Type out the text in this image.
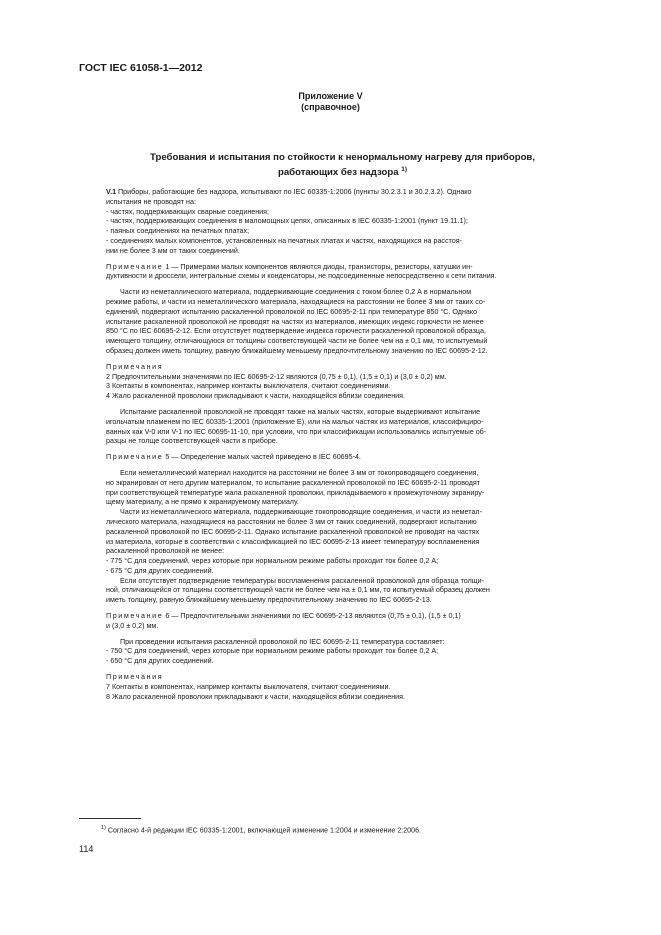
ГОСТ IEC 61058-1—2012
Приложение V
(справочное)
Требования и испытания по стойкости к ненормальному нагреву для приборов,
работающих без надзора $^{1)}$
V.1 Приборы, работающие без надзора, испытывают по IEC 60335-1:2006 (пункты 30.2.3.1 и 30.2.3.2). Однако
испытания не проводят на:
- частях, поддерживающих сварные соединения;
- частях, поддерживающих соединения в маломощных цепях, описанных в IEC 60335-1:2001 (пункт 19.11.1);
- паяных соединениях на печатных платах;
- соединениях малых компонентов, установленных на печатных платах и частях, находящихся на расстоя-
нии не более 3 мм от таких соединений.
Примечание 1 — Примерами малых компонентов являются диоды, транзисторы, резисторы, катушки ин-
дуктивности и дроссели, интегральные схемы и конденсаторы, не подсоединенные непосредственно к сети питания.
Части из неметаллического материала, поддерживающие соединения с током более 0,2 А в нормальном
режиме работы, и части из неметаллического материала, находящиеся на расстоянии не более 3 мм от таких со-
единений, подвергают испытанию раскаленной проволокой по IEC 60695-2-11 при температуре 850 °С. Однако
испытание раскаленной проволокой не проводят на частях из материалов, имеющих индекс горючести не менее
850 °С по IEC 60695-2-12. Если отсутствует подтверждение индекса горючести раскаленной проволокой образца,
имеющего толщину, отличающуюся от толщины соответствующей части не более чем на ± 0,1 мм, то испытуемый
образец должен иметь толщину, равную ближайшему меньшему предпочтительному значению по IEC 60695-2-12.
Примечания
2 Предпочтительными значениями по IEC 60695-2-12 являются (0,75 ± 0,1), (1,5 ± 0,1) и (3,0 ± 0,2) мм.
3 Контакты в компонентах, например контакты выключателя, считают соединениями.
4 Жало раскаленной проволоки прикладывают к части, находящейся вблизи соединения.
Испытание раскаленной проволокой не проводят также на малых частях, которые выдерживают испытание
игольчатым пламенем по IEC 60335-1:2001 (приложение Е), или на малых частях из материалов, классифициро-
ванных как V-0 или V-1 по IEC 60695-11-10, при условии, что при классификации использовались испытуемые об-
разцы не толще соответствующей части в приборе.
Примечание 5 — Определение малых частей приведено в IEC 60695-4.
Если неметаллический материал находится на расстоянии не более 3 мм от токопроводящего соединения,
но экранирован от него другим материалом, то испытание раскаленной проволокой по IEC 60695-2-11 проводят
при соответствующей температуре жала раскаленной проволоки, прикладываемого к промежуточному экраниру-
щему материалу, а не прямо к экранируемому материалу.
Части из неметаллического материала, поддерживающие токопроводящие соединения, и части из неметал-
лического материала, находящиеся на расстоянии не более 3 мм от таких соединений, подвергают испытанию
раскаленной проволокой по IEC 60695-2-11. Однако испытание раскаленной проволокой не проводят на частях
из материала, которые в соответствии с классификацией по IEC 60695-2-13 имеет температуру воспламенения
раскаленной проволокой не менее:
- 775 °С для соединений, через которые при нормальном режиме работы проходит ток более 0,2 А;
- 675 °С для других соединений.
Если отсутствует подтверждение температуры воспламенения раскаленной проволокой для образца толщи-
ной, отличающейся от толщины соответствующей части не более чем на ± 0,1 мм, то испытуемый образец должен
иметь толщину, равную ближайшему меньшему предпочтительному значению по IEC 60695-2-13.
Примечание 6 — Предпочтительными значениями по IEC 60695-2-13 являются (0,75 ± 0,1), (1,5 ± 0,1)
и (3,0 ± 0,2) мм.
При проведении испытания раскаленной проволокой по IEC 60695-2-11 температура составляет:
- 750 °С для соединений, через которые при нормальном режиме работы проходит ток более 0,2 А;
- 650 °С для других соединений.
Примечания
7 Контакты в компонентах, например контакты выключателя, считают соединениями.
8 Жало раскаленной проволоки прикладывают к части, находящейся вблизи соединения.
$^{1)}$ Согласно 4-й редакции IEC 60335-1:2001, включающей изменение 1:2004 и изменение 2:2006.
114
